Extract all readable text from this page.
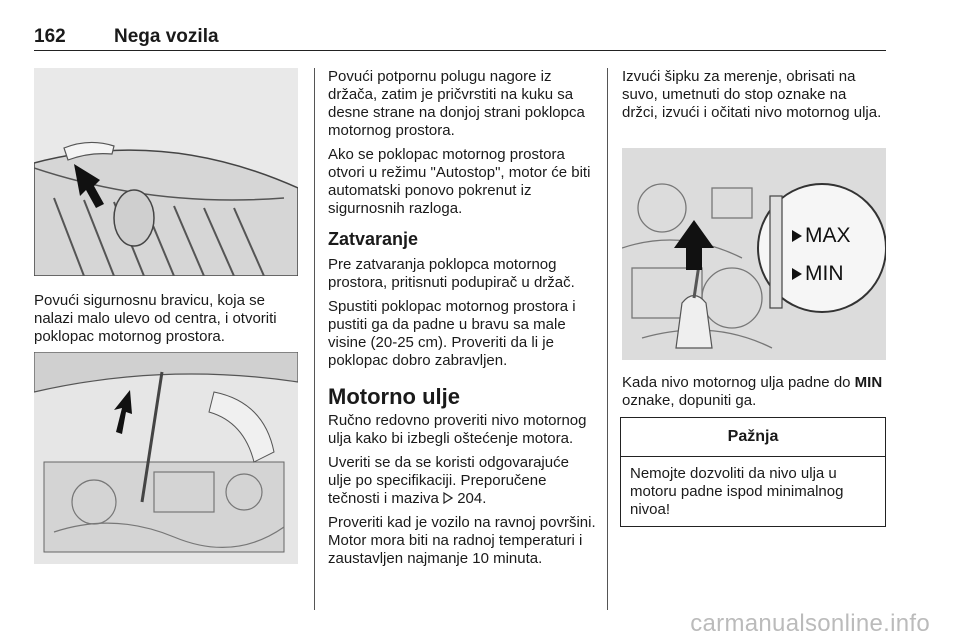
162	Nega vozila

Povući sigurnosnu bravicu, koja se nalazi malo ulevo od centra, i otvoriti poklopac motornog prostora.

Povući potpornu polugu nagore iz držača, zatim je pričvrstiti na kuku sa desne strane na donjoj strani poklopca motornog prostora.

Ako se poklopac motornog prostora otvori u režimu "Autostop", motor će biti automatski ponovo pokrenut iz sigurnosnih razloga.

Zatvaranje

Pre zatvaranja poklopca motornog prostora, pritisnuti podupirač u držač.

Spustiti poklopac motornog prostora i pustiti ga da padne u bravu sa male visine (20-25 cm). Proveriti da li je poklopac dobro zabravljen.

Motorno ulje

Ručno redovno proveriti nivo motornog ulja kako bi izbegli oštećenje motora.

Uveriti se da se koristi odgovarajuće ulje po specifikaciji. Preporučene tečnosti i maziva  204.

Proveriti kad je vozilo na ravnoj površini. Motor mora biti na radnoj temperaturi i zaustavljen najmanje 10 minuta.

Izvući šipku za merenje, obrisati na suvo, umetnuti do stop oznake na držci, izvući i očitati nivo motornog ulja.

MAX
MIN

Kada nivo motornog ulja padne do MIN oznake, dopuniti ga.

Pažnja
Nemojte dozvoliti da nivo ulja u motoru padne ispod minimalnog nivoa!
carmanualsonline.info
